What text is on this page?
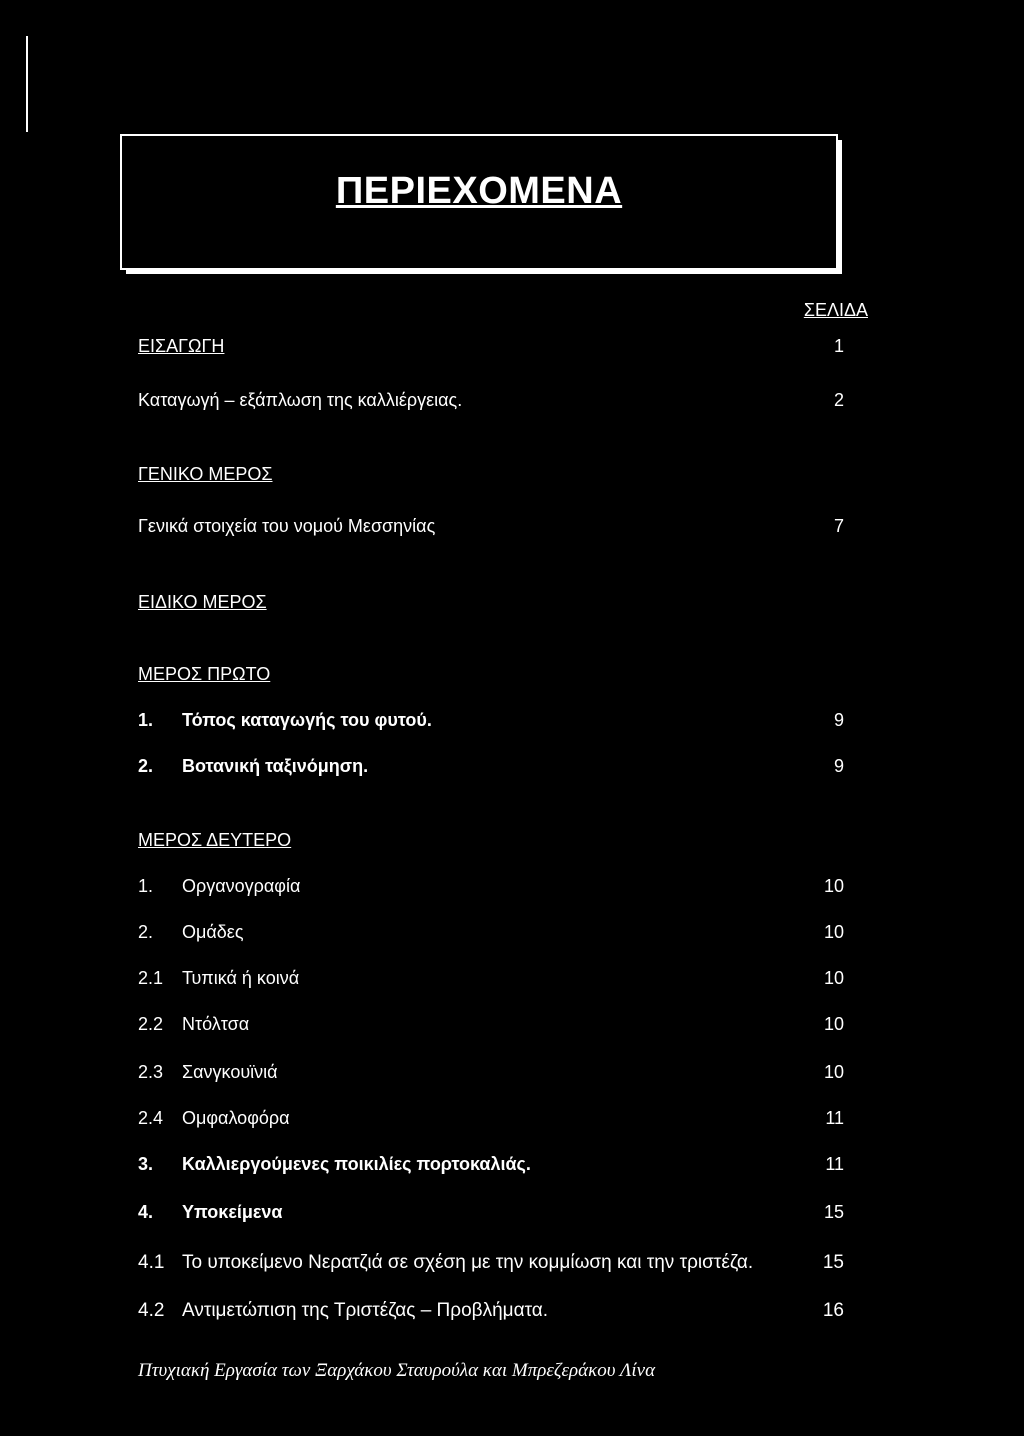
ΠΕΡΙΕΧΟΜΕΝΑ
ΣΕΛΙΔΑ
ΕΙΣΑΓΩΓΗ	1
Καταγωγή – εξάπλωση της καλλιέργειας.	2
ΓΕΝΙΚΟ ΜΕΡΟΣ
Γενικά στοιχεία του νομού Μεσσηνίας	7
ΕΙΔΙΚΟ ΜΕΡΟΣ
ΜΕΡΟΣ ΠΡΩΤΟ
1. Τόπος καταγωγής του φυτού.	9
2. Βοτανική ταξινόμηση.	9
ΜΕΡΟΣ ΔΕΥΤΕΡΟ
1. Οργανογραφία	10
2. Ομάδες	10
2.1 Τυπικά ή κοινά	10
2.2 Ντόλτσα	10
2.3 Σανγκουϊνιά	10
2.4 Ομφαλοφόρα	11
3. Καλλιεργούμενες ποικιλίες πορτοκαλιάς.	11
4. Υποκείμενα	15
4.1 Το υποκείμενο Νερατζιά σε σχέση με την κομμίωση και την τριστέζα.	15
4.2 Αντιμετώπιση της Τριστέζας – Προβλήματα.	16
Πτυχιακή Εργασία των Ξαρχάκου Σταυρούλα και Μπρεζεράκου Λίνα
